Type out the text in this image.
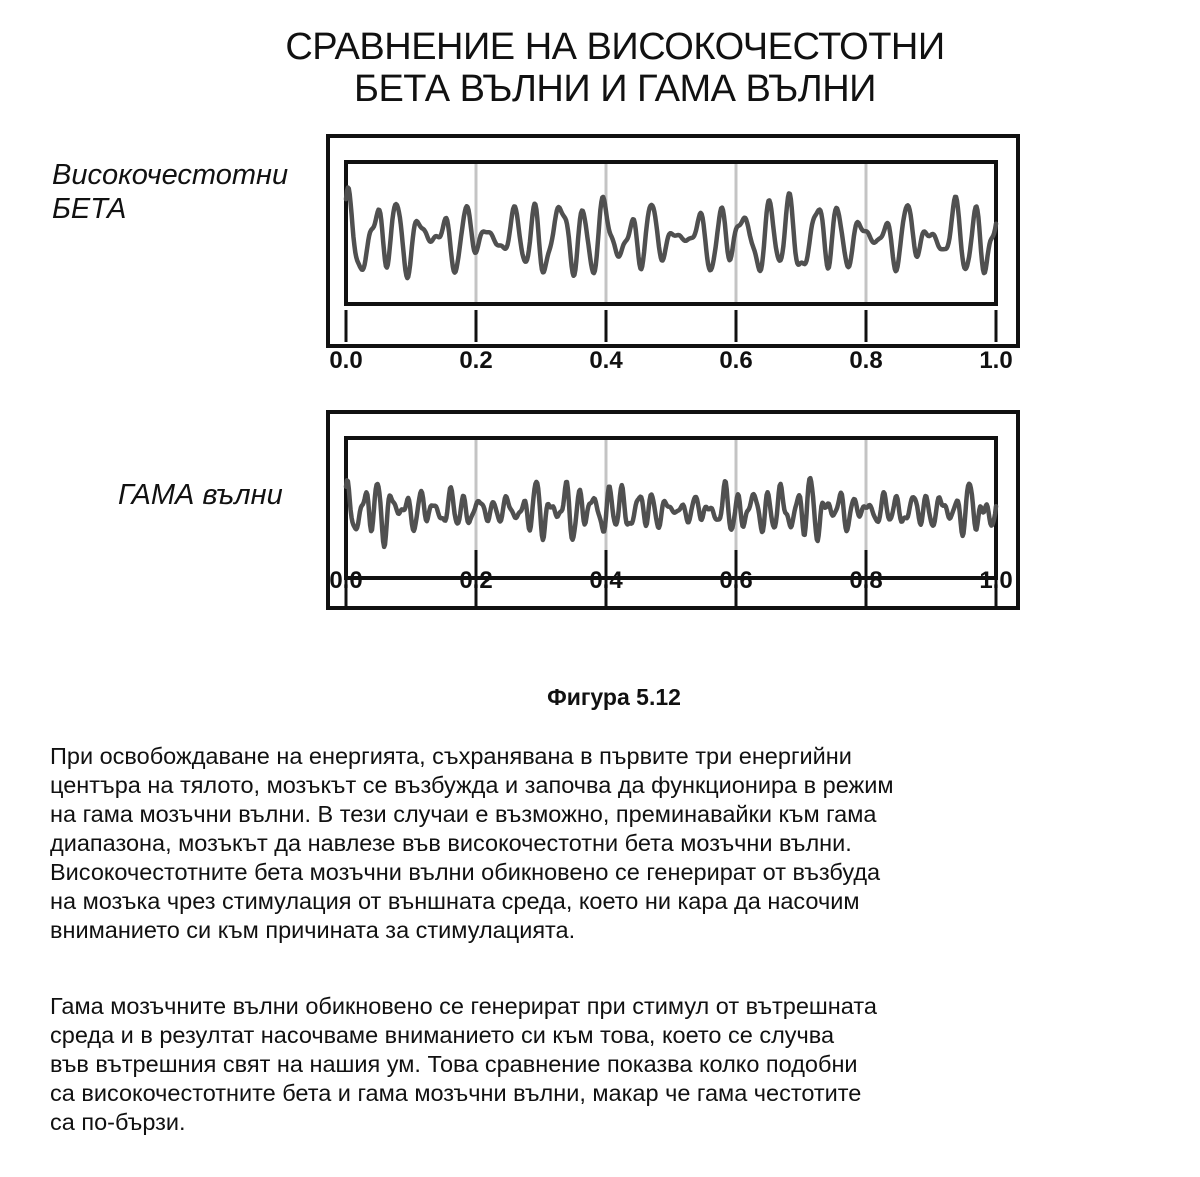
СРАВНЕНИЕ НА ВИСОКОЧЕСТОТНИ
БЕТА ВЪЛНИ И ГАМА ВЪЛНИ
Високочестотни
БЕТА
0.0	0.2	0.4	0.6	0.8	1.0
ГАМА вълни
0.0	0.2	0.4	0.6	0.8	1.0
Фигура 5.12
При освобождаване на енергията, съхранявана в първите три енергийни
центъра на тялото, мозъкът се възбужда и започва да функционира в режим
на гама мозъчни вълни. В тези случаи е възможно, преминавайки към гама
диапазона, мозъкът да навлезе във високочестотни бета мозъчни вълни.
Високочестотните бета мозъчни вълни обикновено се генерират от възбуда
на мозъка чрез стимулация от външната среда, което ни кара да насочим
вниманието си към причината за стимулацията.
Гама мозъчните вълни обикновено се генерират при стимул от вътрешната
среда и в резултат насочваме вниманието си към това, което се случва
във вътрешния свят на нашия ум. Това сравнение показва колко подобни
са високочестотните бета и гама мозъчни вълни, макар че гама честотите
са по-бързи.
